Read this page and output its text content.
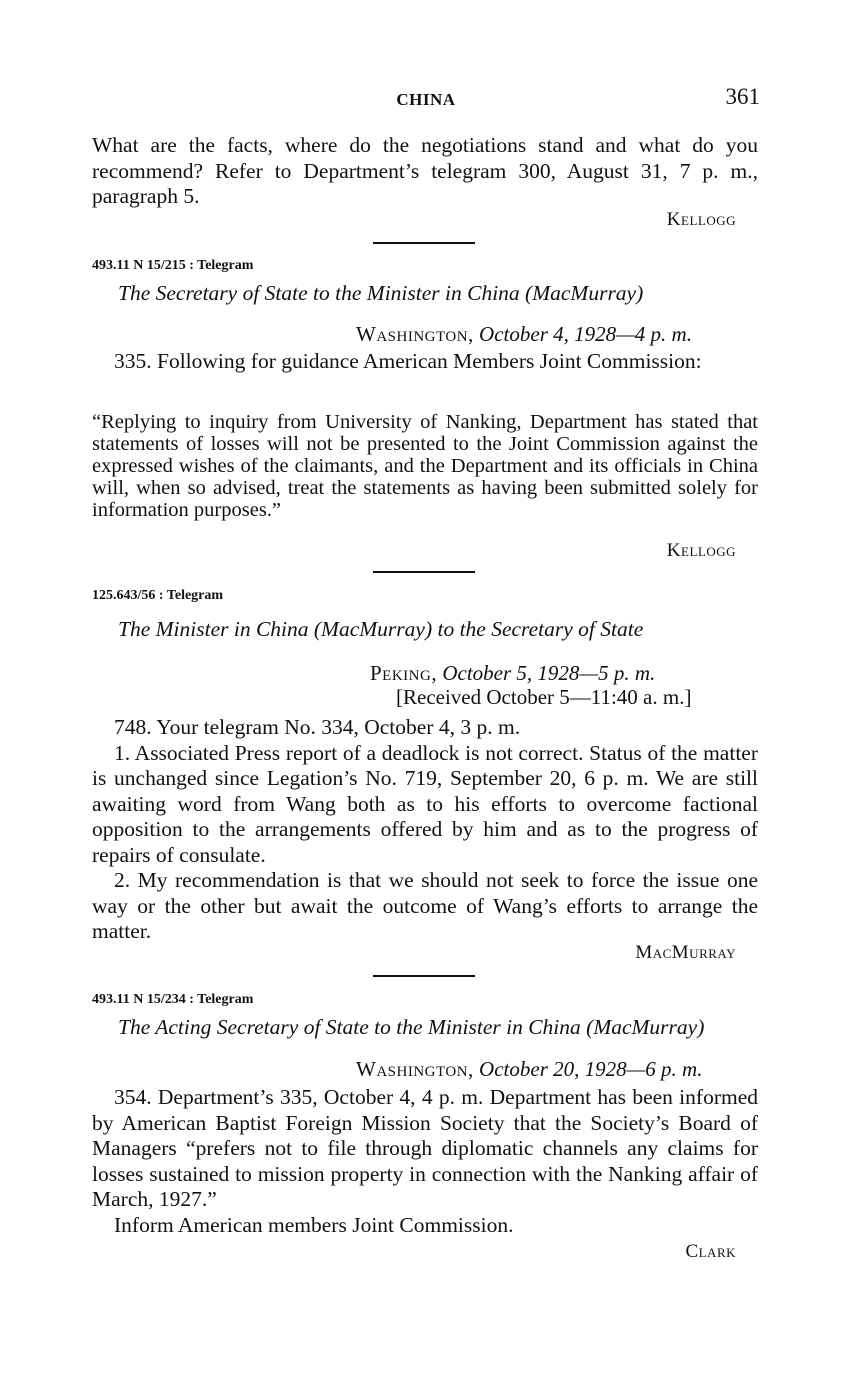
CHINA	361

What are the facts, where do the negotiations stand and what do you recommend? Refer to Department’s telegram 300, August 31, 7 p. m., paragraph 5.

Kellogg
493.11 N 15/215 : Telegram
The Secretary of State to the Minister in China (MacMurray)
Washington, October 4, 1928—4 p. m.

335. Following for guidance American Members Joint Commission:

“Replying to inquiry from University of Nanking, Department has stated that statements of losses will not be presented to the Joint Commission against the expressed wishes of the claimants, and the Department and its officials in China will, when so advised, treat the statements as having been submitted solely for information purposes.”
Kellogg
125.643/56 : Telegram
The Minister in China (MacMurray) to the Secretary of State
Peking, October 5, 1928—5 p. m.
[Received October 5—11:40 a. m.]

748. Your telegram No. 334, October 4, 3 p. m.

1. Associated Press report of a deadlock is not correct. Status of the matter is unchanged since Legation’s No. 719, September 20, 6 p. m. We are still awaiting word from Wang both as to his efforts to overcome factional opposition to the arrangements offered by him and as to the progress of repairs of consulate.

2. My recommendation is that we should not seek to force the issue one way or the other but await the outcome of Wang’s efforts to arrange the matter.

MacMurray
493.11 N 15/234 : Telegram
The Acting Secretary of State to the Minister in China (MacMurray)
Washington, October 20, 1928—6 p. m.

354. Department’s 335, October 4, 4 p. m. Department has been informed by American Baptist Foreign Mission Society that the Society’s Board of Managers “prefers not to file through diplomatic channels any claims for losses sustained to mission property in connection with the Nanking affair of March, 1927.”

Inform American members Joint Commission.

Clark
